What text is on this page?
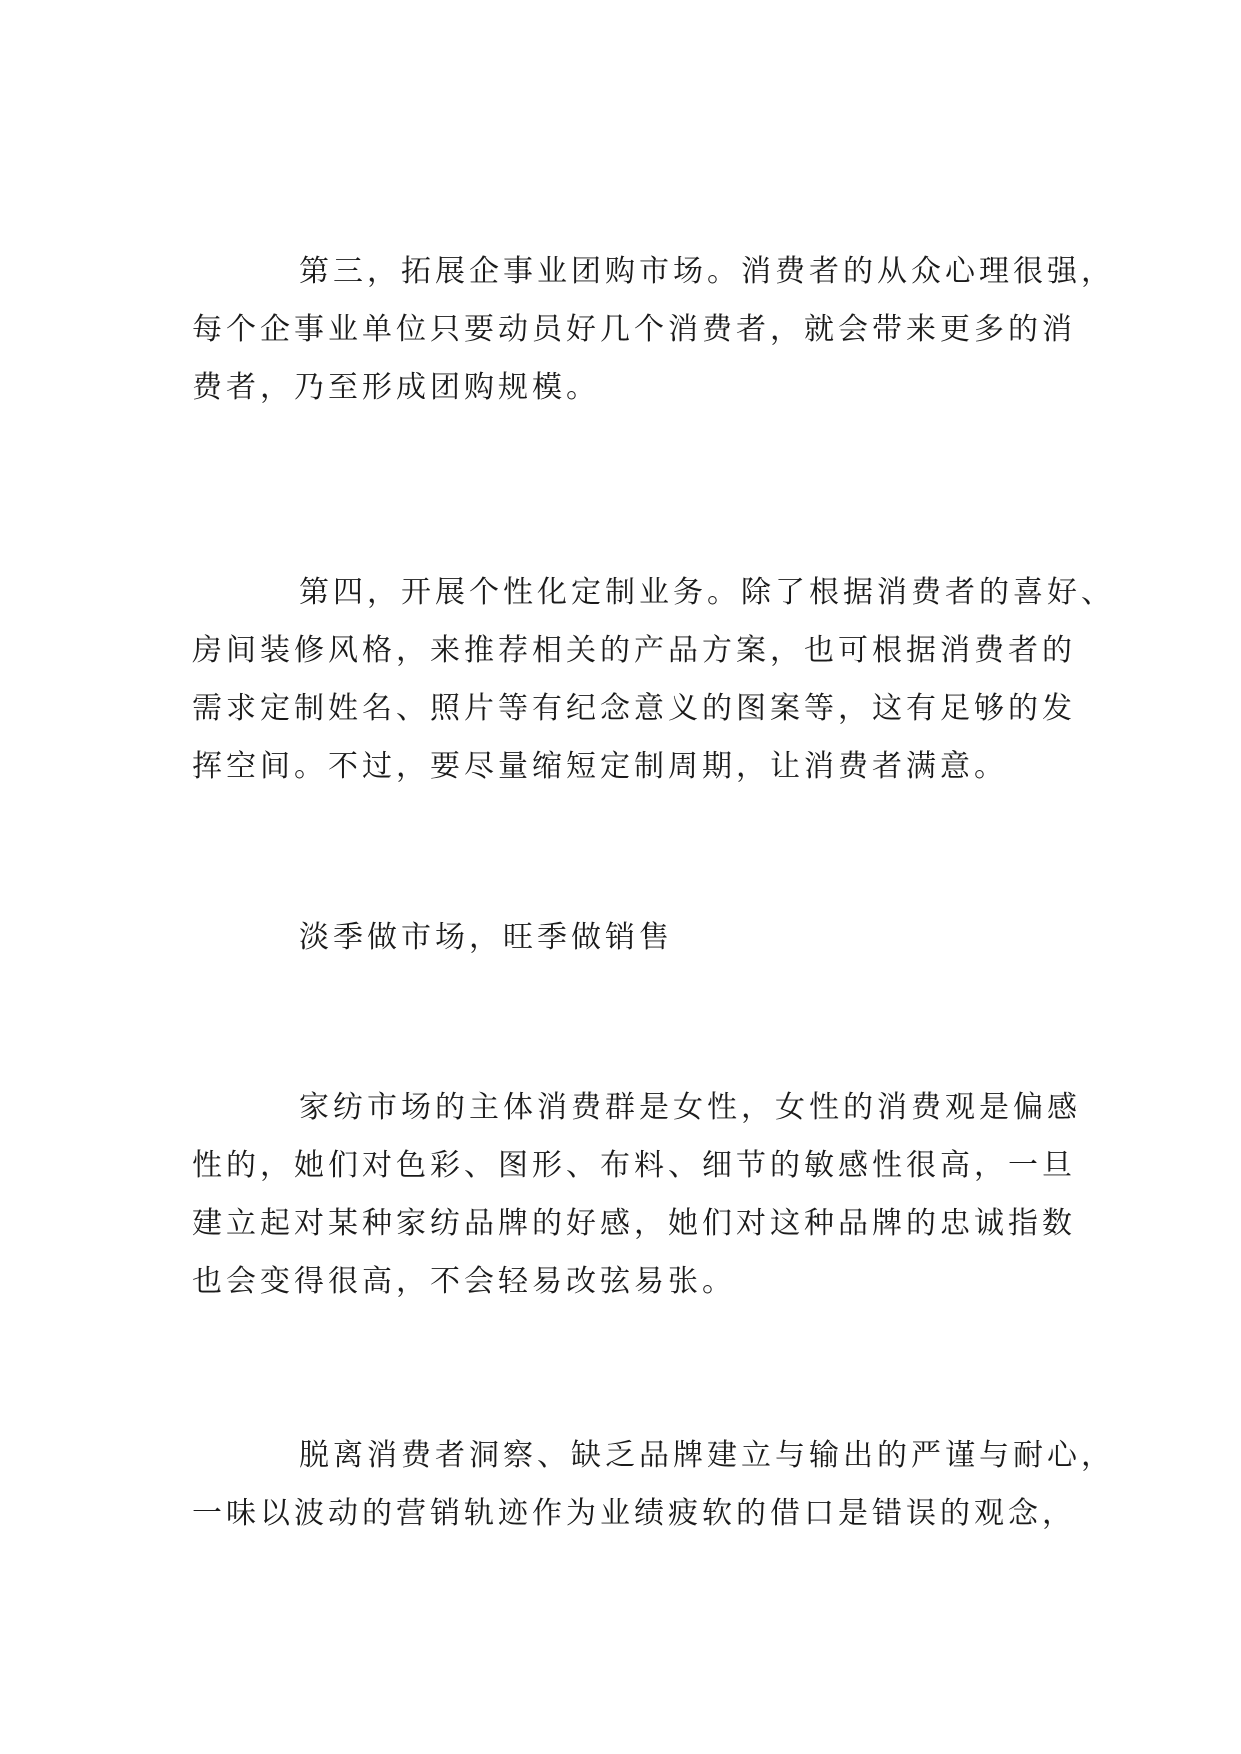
第三，拓展企事业团购市场。消费者的从众心理很强，
每个企事业单位只要动员好几个消费者，就会带来更多的消
费者，乃至形成团购规模。
第四，开展个性化定制业务。除了根据消费者的喜好、
房间装修风格，来推荐相关的产品方案，也可根据消费者的
需求定制姓名、照片等有纪念意义的图案等，这有足够的发
挥空间。不过，要尽量缩短定制周期，让消费者满意。
淡季做市场，旺季做销售
家纺市场的主体消费群是女性，女性的消费观是偏感
性的，她们对色彩、图形、布料、细节的敏感性很高，一旦
建立起对某种家纺品牌的好感，她们对这种品牌的忠诚指数
也会变得很高，不会轻易改弦易张。
脱离消费者洞察、缺乏品牌建立与输出的严谨与耐心，
一味以波动的营销轨迹作为业绩疲软的借口是错误的观念，
